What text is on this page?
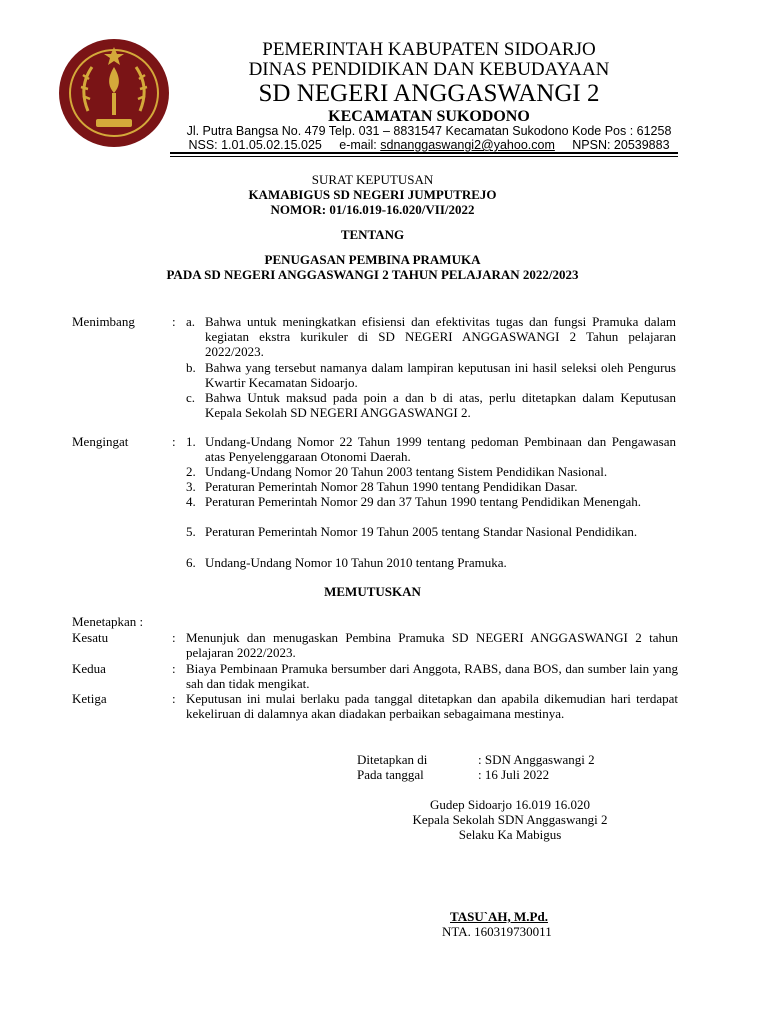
PEMERINTAH KABUPATEN SIDOARJO
DINAS PENDIDIKAN DAN KEBUDAYAAN
SD NEGERI ANGGASWANGI 2
KECAMATAN SUKODONO
Jl. Putra Bangsa No. 479 Telp. 031 – 8831547 Kecamatan Sukodono Kode Pos : 61258
NSS: 1.01.05.02.15.025 e-mail: sdnanggaswangi2@yahoo.com NPSN: 20539883
SURAT KEPUTUSAN
KAMABIGUS SD NEGERI JUMPUTREJO
NOMOR: 01/16.019-16.020/VII/2022
TENTANG
PENUGASAN PEMBINA PRAMUKA
PADA SD NEGERI ANGGASWANGI 2 TAHUN PELAJARAN 2022/2023
Menimbang	: a. Bahwa untuk meningkatkan efisiensi dan efektivitas tugas dan fungsi Pramuka dalam kegiatan ekstra kurikuler di SD NEGERI ANGGASWANGI 2 Tahun pelajaran 2022/2023.
b. Bahwa yang tersebut namanya dalam lampiran keputusan ini hasil seleksi oleh Pengurus Kwartir Kecamatan Sidoarjo.
c. Bahwa Untuk maksud pada poin a dan b di atas, perlu ditetapkan dalam Keputusan Kepala Sekolah SD NEGERI ANGGASWANGI 2.
Mengingat	: 1. Undang-Undang Nomor 22 Tahun 1999 tentang pedoman Pembinaan dan Pengawasan atas Penyelenggaraan Otonomi Daerah.
2. Undang-Undang Nomor 20 Tahun 2003 tentang Sistem Pendidikan Nasional.
3. Peraturan Pemerintah Nomor 28 Tahun 1990 tentang Pendidikan Dasar.
4. Peraturan Pemerintah Nomor 29 dan 37 Tahun 1990 tentang Pendidikan Menengah.
5. Peraturan Pemerintah Nomor 19 Tahun 2005 tentang Standar Nasional Pendidikan.
6. Undang-Undang Nomor 10 Tahun 2010 tentang Pramuka.
MEMUTUSKAN
Menetapkan :
Kesatu	: Menunjuk dan menugaskan Pembina Pramuka SD NEGERI ANGGASWANGI 2 tahun pelajaran 2022/2023.
Kedua	: Biaya Pembinaan Pramuka bersumber dari Anggota, RABS, dana BOS, dan sumber lain yang sah dan tidak mengikat.
Ketiga	: Keputusan ini mulai berlaku pada tanggal ditetapkan dan apabila dikemudian hari terdapat kekeliruan di dalamnya akan diadakan perbaikan sebagaimana mestinya.
Ditetapkan di	: SDN Anggaswangi 2
Pada tanggal	: 16 Juli 2022
Gudep Sidoarjo 16.019 16.020
Kepala Sekolah SDN Anggaswangi 2
Selaku Ka Mabigus
TASU`AH, M.Pd.
NTA. 160319730011
